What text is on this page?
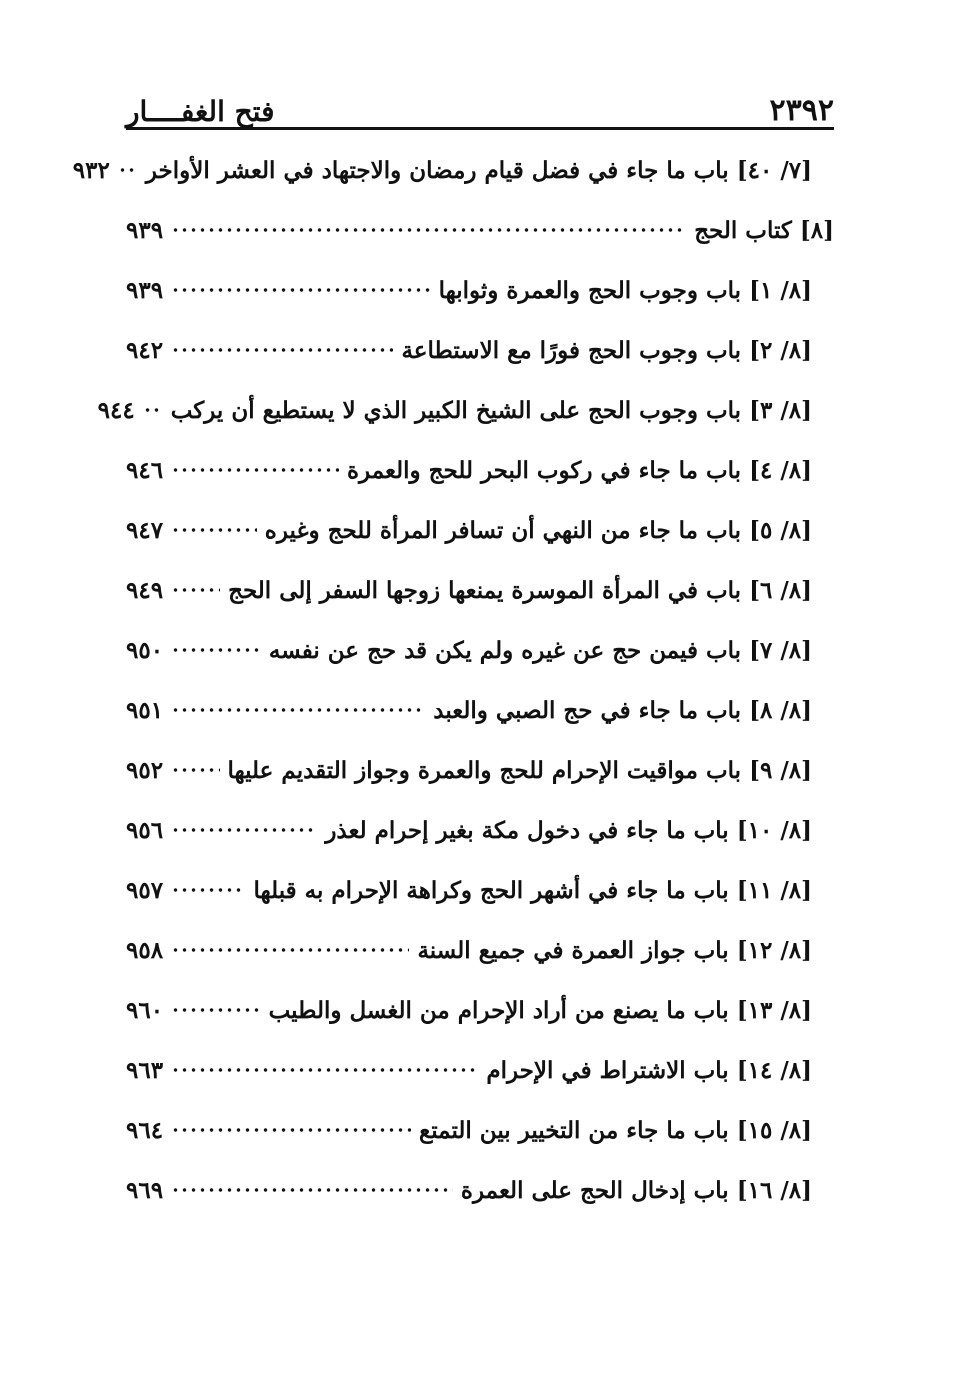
٢٣٩٢
فتح الغفــــار
[٧/ ٤٠] باب ما جاء في فضل قيام رمضان والاجتهاد في العشر الأواخر
٩٣٢
[٨] كتاب الحج
٩٣٩
[٨/ ١] باب وجوب الحج والعمرة وثوابها
٩٣٩
[٨/ ٢] باب وجوب الحج فورًا مع الاستطاعة
٩٤٢
[٨/ ٣] باب وجوب الحج على الشيخ الكبير الذي لا يستطيع أن يركب
٩٤٤
[٨/ ٤] باب ما جاء في ركوب البحر للحج والعمرة
٩٤٦
[٨/ ٥] باب ما جاء من النهي أن تسافر المرأة للحج وغيره
٩٤٧
[٨/ ٦] باب في المرأة الموسرة يمنعها زوجها السفر إلى الحج
٩٤٩
[٨/ ٧] باب فيمن حج عن غيره ولم يكن قد حج عن نفسه
٩٥٠
[٨/ ٨] باب ما جاء في حج الصبي والعبد
٩٥١
[٨/ ٩] باب مواقيت الإحرام للحج والعمرة وجواز التقديم عليها
٩٥٢
[٨/ ١٠] باب ما جاء في دخول مكة بغير إحرام لعذر
٩٥٦
[٨/ ١١] باب ما جاء في أشهر الحج وكراهة الإحرام به قبلها
٩٥٧
[٨/ ١٢] باب جواز العمرة في جميع السنة
٩٥٨
[٨/ ١٣] باب ما يصنع من أراد الإحرام من الغسل والطيب
٩٦٠
[٨/ ١٤] باب الاشتراط في الإحرام
٩٦٣
[٨/ ١٥] باب ما جاء من التخيير بين التمتع
٩٦٤
[٨/ ١٦] باب إدخال الحج على العمرة
٩٦٩
